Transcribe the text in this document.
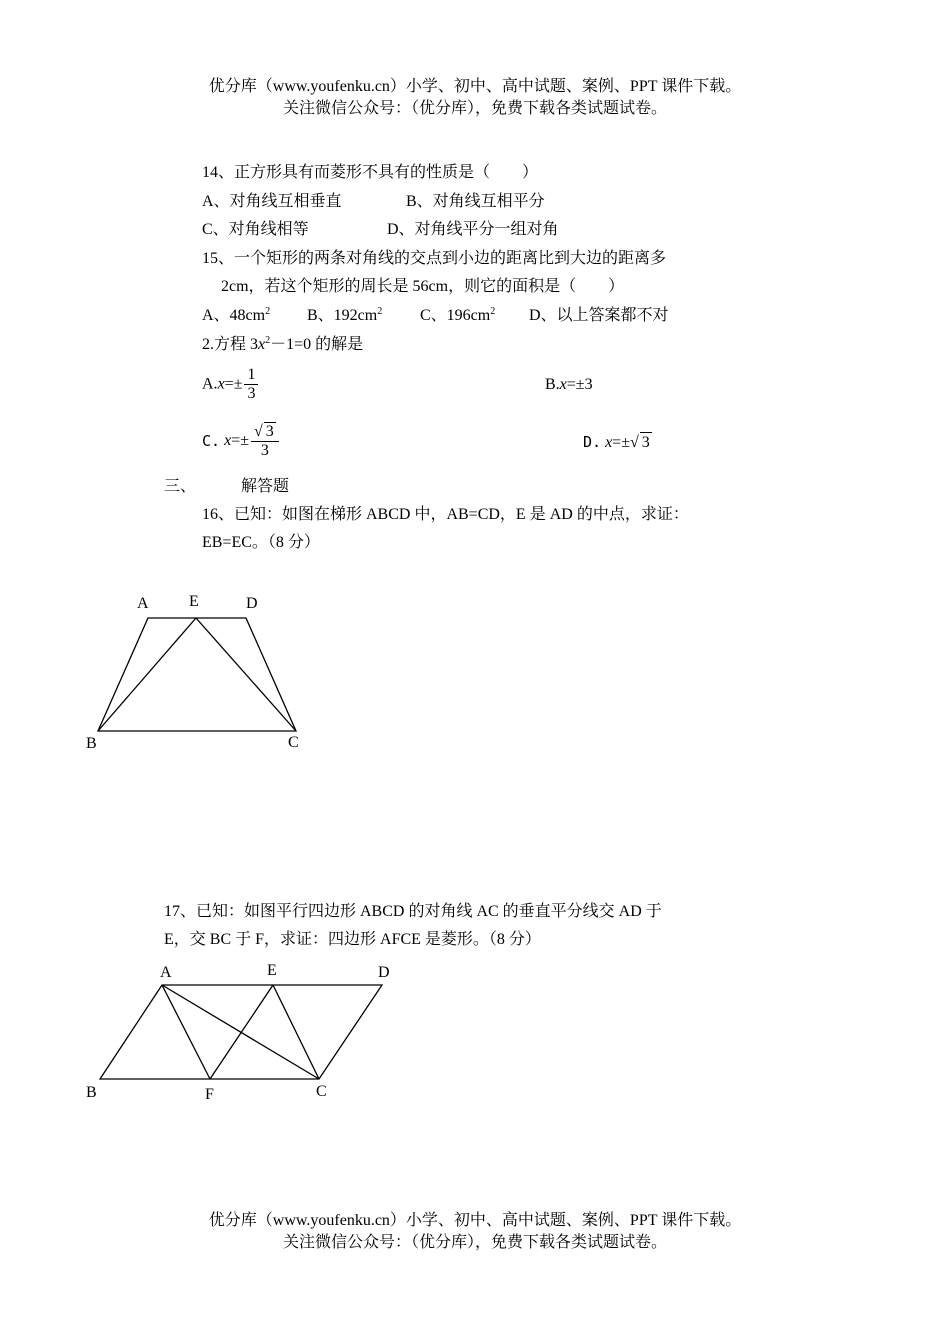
优分库（www.youfenku.cn）小学、初中、高中试题、案例、PPT 课件下载。
关注微信公众号：（优分库），免费下载各类试题试卷。
14、正方形具有而菱形不具有的性质是（　　）
A、对角线互相垂直	B、对角线互相平分
C、对角线相等	D、对角线平分一组对角
15、一个矩形的两条对角线的交点到小边的距离比到大边的距离多
2cm，若这个矩形的周长是 56cm，则它的面积是（　　）
A、$48cm^2$ B、$192cm^2$ C、$196cm^2$ D、以上答案都不对
2.方程 $3x^2-1=0$ 的解是
$A.x=\pm \frac{1}{3}$	B.x=±3
C. $x=\pm \frac{√ 3}{3}$	D. x=±√ 3
三、	解答题
16、已知：如图在梯形 ABCD 中，AB=CD，E 是 AD 的中点，求证：
EB=EC。（8 分）
A	E	D
B	C
A	E	D
B	F	C
17、已知：如图平行四边形 ABCD 的对角线 AC 的垂直平分线交 AD 于
E，交 BC 于 F，求证：四边形 AFCE 是菱形。（8 分）
优分库（www.youfenku.cn）小学、初中、高中试题、案例、PPT 课件下载。
关注微信公众号：（优分库），免费下载各类试题试卷。
